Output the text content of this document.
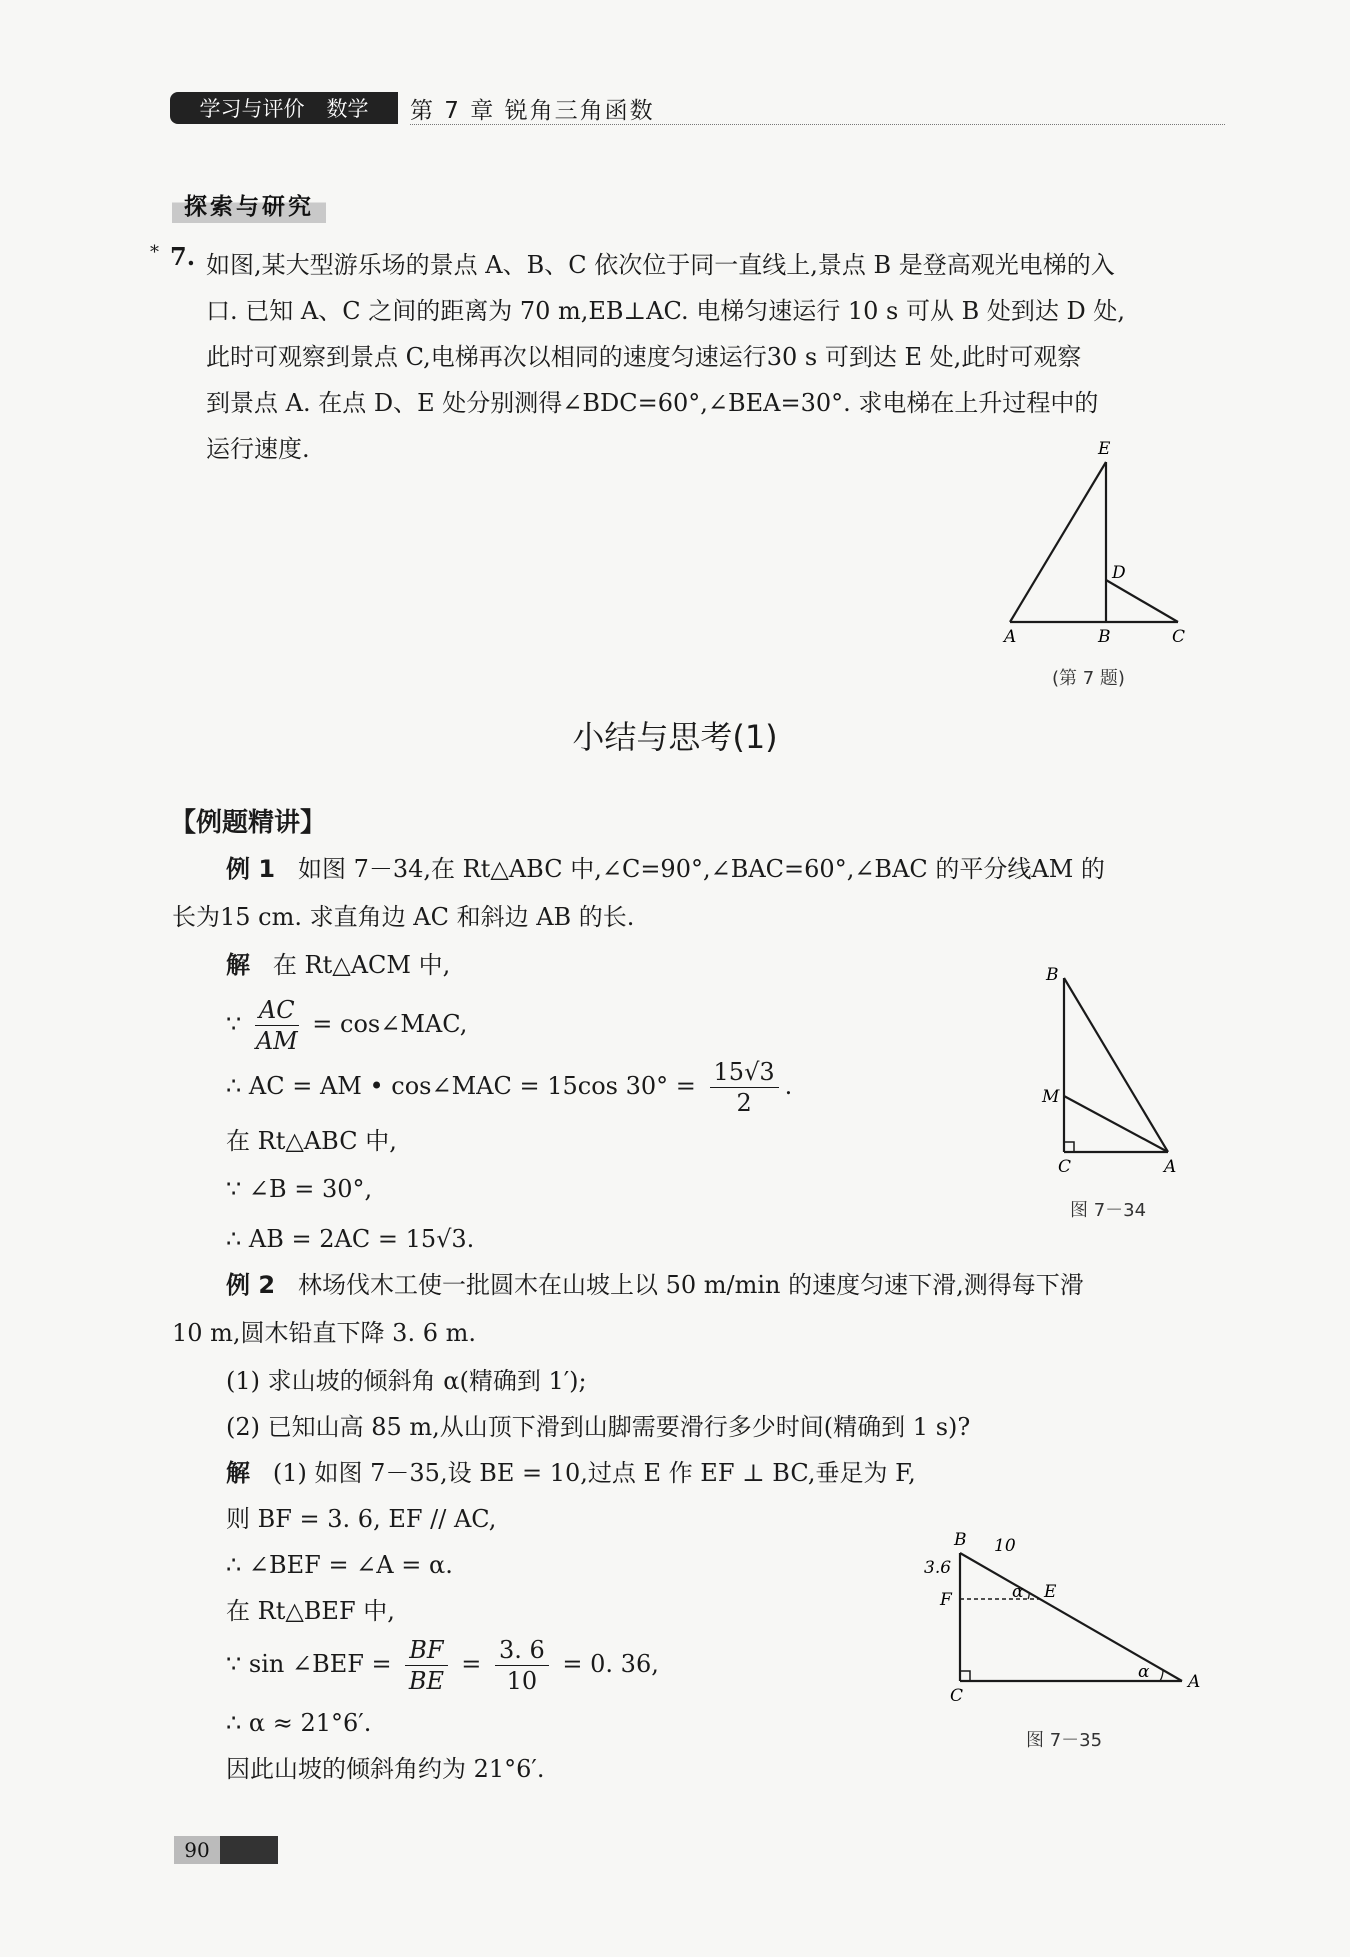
学习与评价 数学 第 7 章 锐角三角函数
探索与研究
* 7. 如图,某大型游乐场的景点 A、B、C 依次位于同一直线上,景点 B 是登高观光电梯的入
口. 已知 A、C 之间的距离为 70 m,EB⊥AC. 电梯匀速运行 10 s 可从 B 处到达 D 处,
此时可观察到景点 C,电梯再次以相同的速度匀速运行30 s 可到达 E 处,此时可观察
到景点 A. 在点 D、E 处分别测得∠BDC=60°,∠BEA=30°. 求电梯在上升过程中的
运行速度.	E
D
A	B	C
(第 7 题)
小结与思考(1)
【例题精讲】
例 1 如图 7－34,在 Rt△ABC 中,∠C=90°,∠BAC=60°,∠BAC 的平分线AM 的
长为15 cm. 求直角边 AC 和斜边 AB 的长.
解 在 Rt△ACM 中,
∵ $\frac{AC}{AM}$ = cos∠MAC,
∴ AC = AM • cos∠MAC = 15cos $30^\circ = \frac{15√3}{2}$ .
在 Rt△ABC 中,
∵ ∠B = 30°,
∴ AB = 2AC = 15√3.
B
M
C	A
图 7－34
例 2 林场伐木工使一批圆木在山坡上以 50 m/min 的速度匀速下滑,测得每下滑
10 m,圆木铅直下降 3. 6 m.
(1) 求山坡的倾斜角 α(精确到 1′);
(2) 已知山高 85 m,从山顶下滑到山脚需要滑行多少时间(精确到 1 s)?
解 (1) 如图 7－35,设 BE = 10,过点 E 作 EF ⊥ BC,垂足为 F,
则 BF = 3. 6, EF // AC,
∴ ∠BEF = ∠A = α.
在 Rt△BEF 中,
∵ sin ∠BEF = $\frac{BF}{BE} = \frac{3. 6}{10} = 0$. 36,
∴ α ≈ 21°6′.
因此山坡的倾斜角约为 21°6′.
B 10
3.6
F	E
α
α
C
A
图 7－35
90
